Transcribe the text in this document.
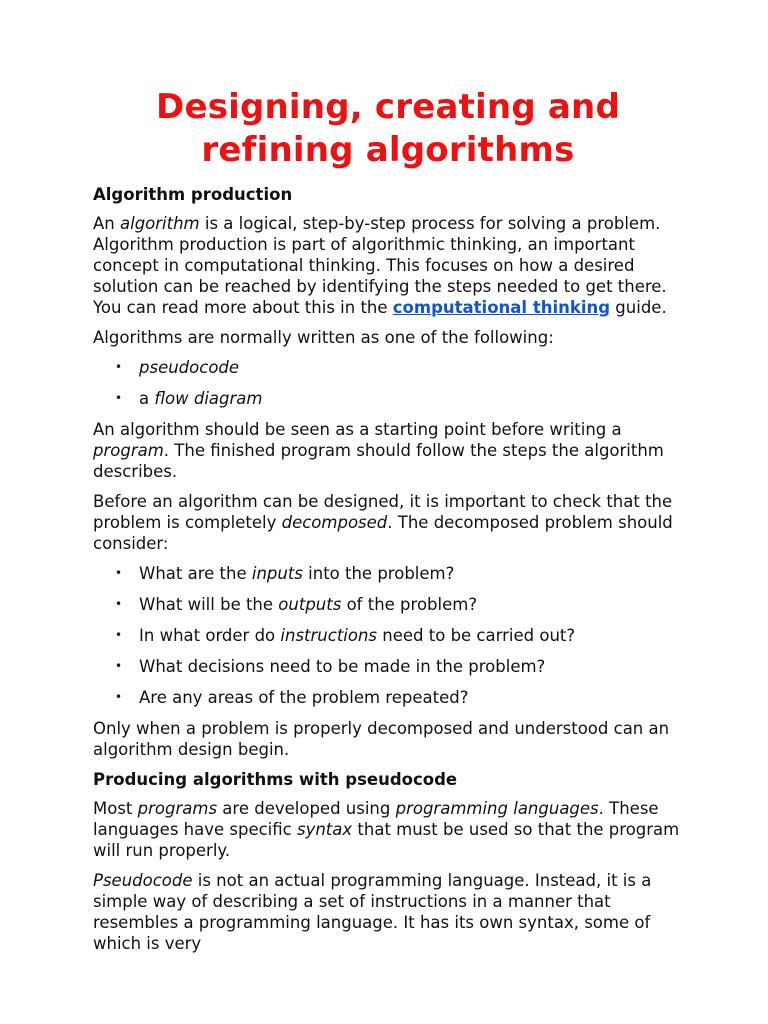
Designing, creating and
refining algorithms
Algorithm production

An algorithm is a logical, step-by-step process for solving a problem. Algorithm production is part of algorithmic thinking, an important concept in computational thinking. This focuses on how a desired solution can be reached by identifying the steps needed to get there. You can read more about this in the computational thinking guide.

Algorithms are normally written as one of the following:

• pseudocode
• a flow diagram

An algorithm should be seen as a starting point before writing a program. The finished program should follow the steps the algorithm describes.

Before an algorithm can be designed, it is important to check that the problem is completely decomposed. The decomposed problem should consider:

• What are the inputs into the problem?
• What will be the outputs of the problem?
• In what order do instructions need to be carried out?
• What decisions need to be made in the problem?
• Are any areas of the problem repeated?

Only when a problem is properly decomposed and understood can an algorithm design begin.

Producing algorithms with pseudocode

Most programs are developed using programming languages. These languages have specific syntax that must be used so that the program will run properly.

Pseudocode is not an actual programming language. Instead, it is a simple way of describing a set of instructions in a manner that resembles a programming language. It has its own syntax, some of which is very
